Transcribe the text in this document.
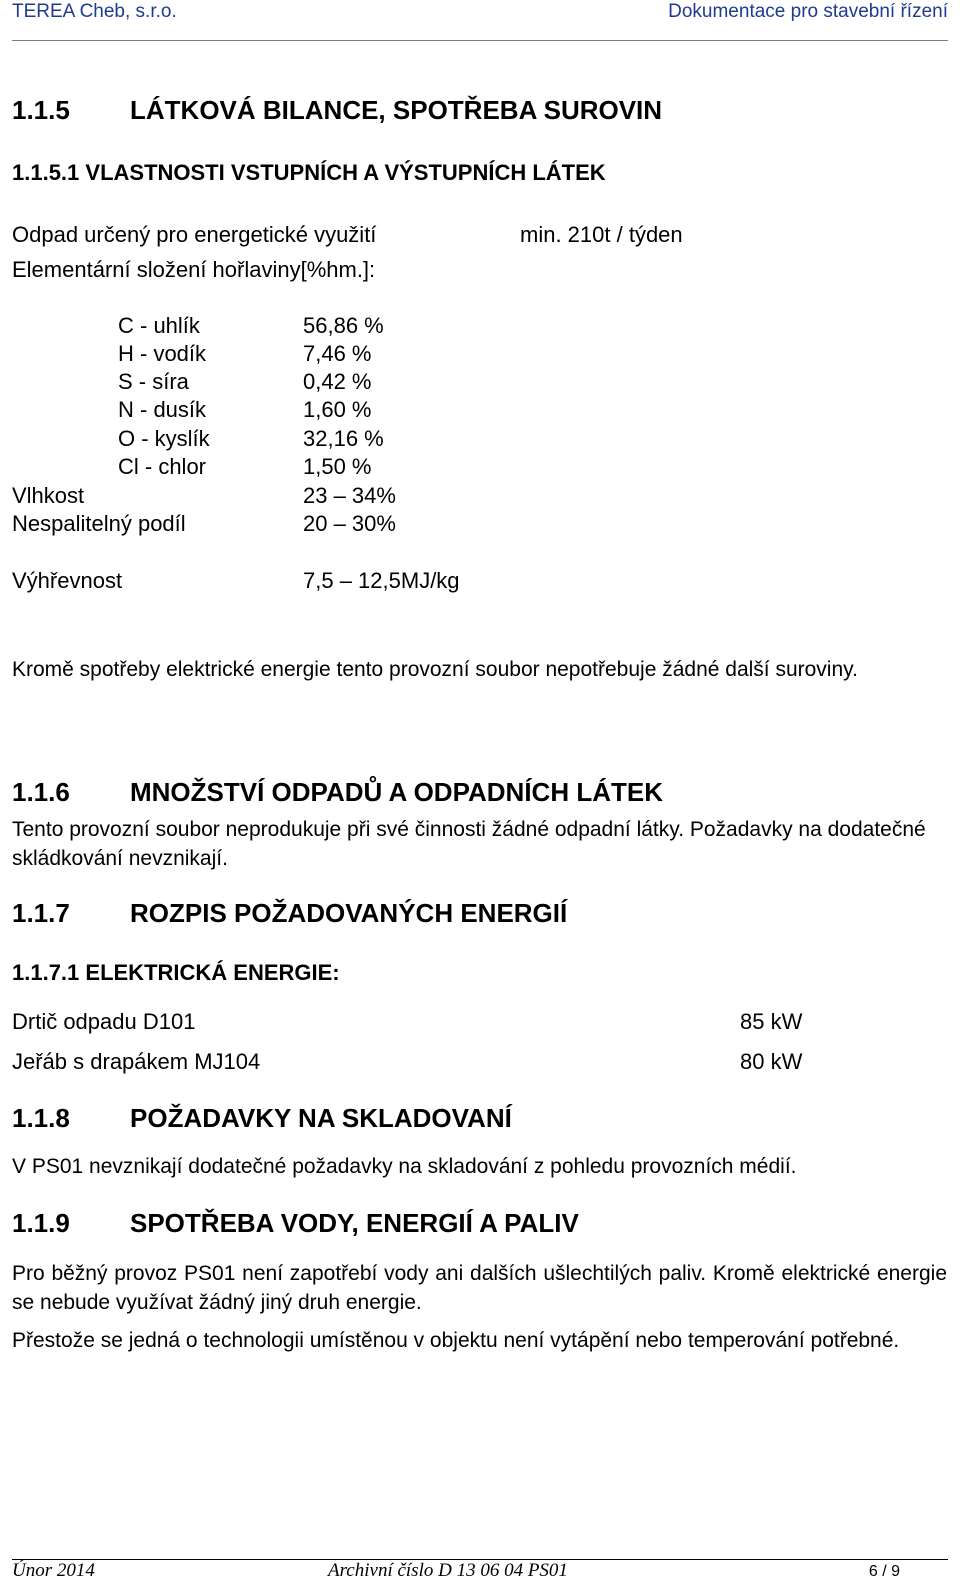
TEREA Cheb, s.r.o.	Dokumentace pro stavební řízení
1.1.5 LÁTKOVÁ BILANCE, SPOTŘEBA SUROVIN
1.1.5.1 VLASTNOSTI VSTUPNÍCH A VÝSTUPNÍCH LÁTEK
Odpad určený pro energetické využití	min. 210t / týden
Elementární složení hořlaviny[%hm.]:
C - uhlík	56,86 %
H - vodík	7,46 %
S - síra	0,42 %
N - dusík	1,60 %
O - kyslík	32,16 %
Cl - chlor	1,50 %
Vlhkost	23 – 34%
Nespalitelný podíl	20 – 30%
Výhřevnost	7,5 – 12,5MJ/kg
Kromě spotřeby elektrické energie tento provozní soubor nepotřebuje žádné další suroviny.
1.1.6 MNOŽSTVÍ ODPADŮ A ODPADNÍCH LÁTEK
Tento provozní soubor neprodukuje při své činnosti žádné odpadní látky. Požadavky na dodatečné skládkování nevznikají.
1.1.7 ROZPIS POŽADOVANÝCH ENERGIÍ
1.1.7.1 ELEKTRICKÁ ENERGIE:
Drtič odpadu D101	85 kW
Jeřáb s drapákem MJ104	80 kW
1.1.8 POŽADAVKY NA SKLADOVANÍ
V PS01 nevznikají dodatečné požadavky na skladování z pohledu provozních médií.
1.1.9 SPOTŘEBA VODY, ENERGIÍ A PALIV
Pro běžný provoz PS01 není zapotřebí vody ani dalších ušlechtilých paliv. Kromě elektrické energie se nebude využívat žádný jiný druh energie.
Přestože se jedná o technologii umístěnou v objektu není vytápění nebo temperování potřebné.
Únor 2014	Archivní číslo D 13 06 04 PS01	6 / 9
